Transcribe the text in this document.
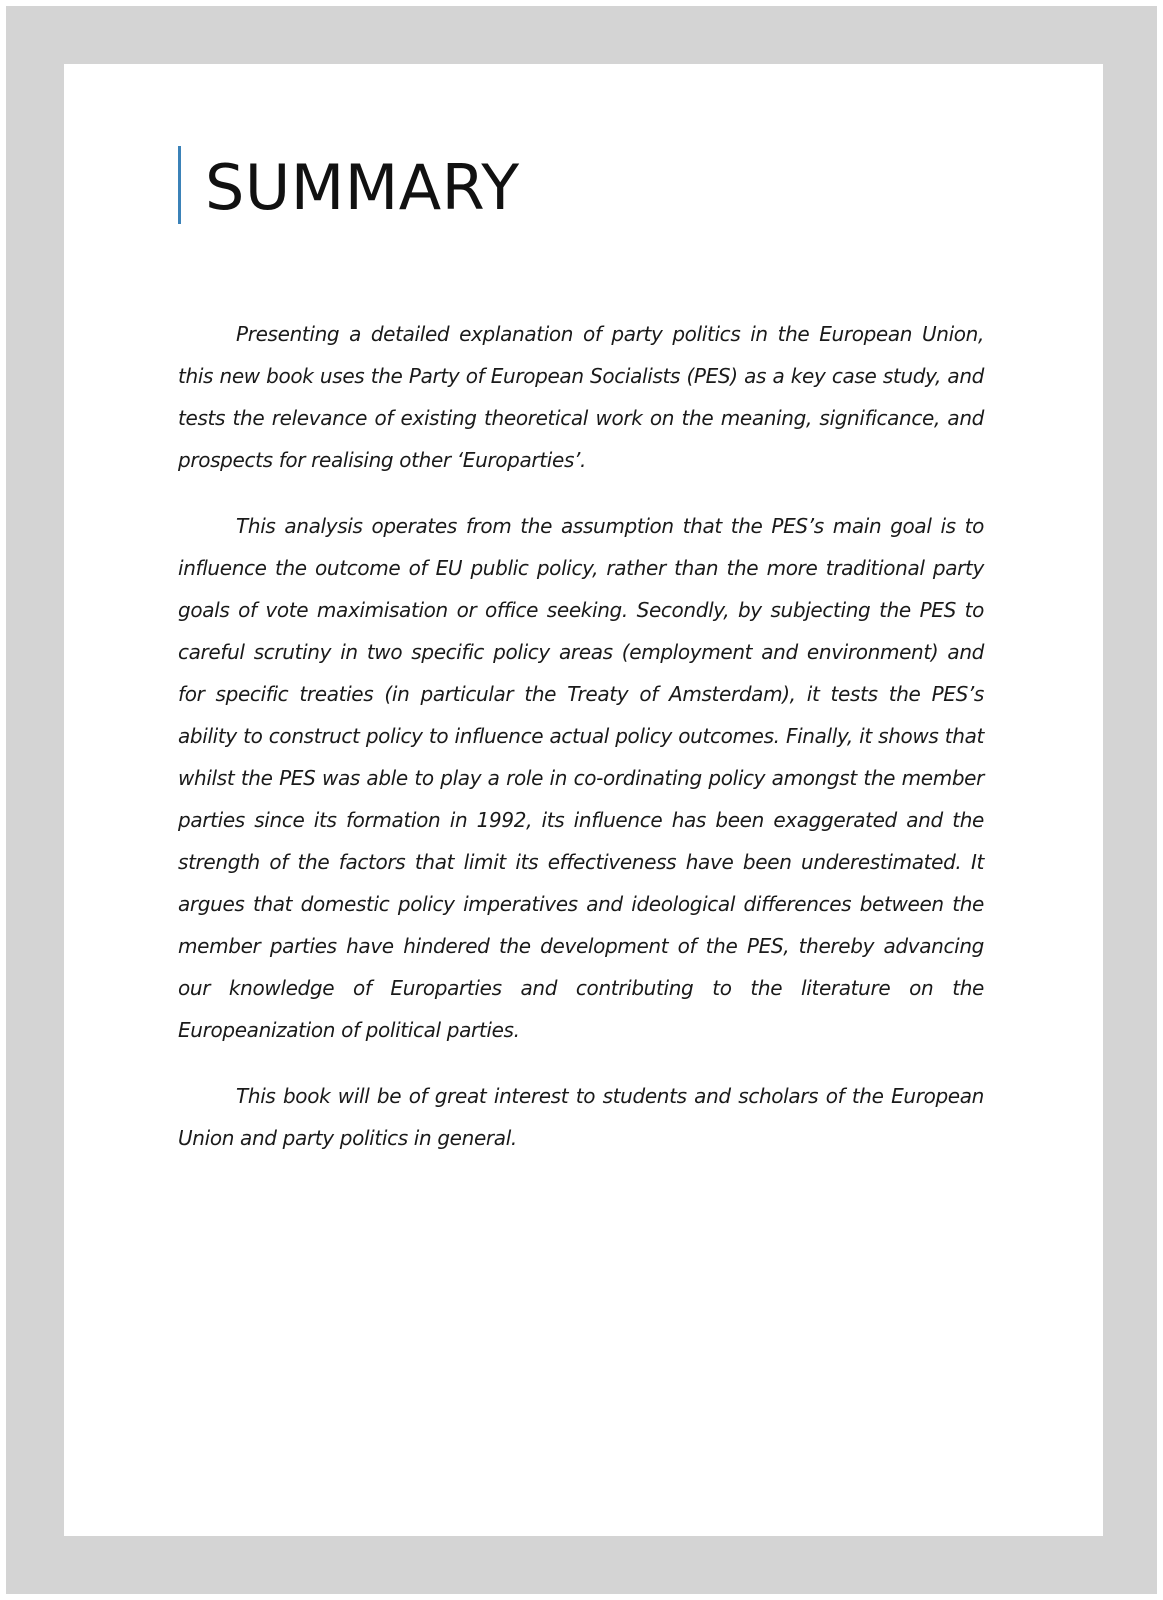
SUMMARY

Presenting a detailed explanation of party politics in the European Union, this new book uses the Party of European Socialists (PES) as a key case study, and tests the relevance of existing theoretical work on the meaning, significance, and prospects for realising other ‘Europarties’.

This analysis operates from the assumption that the PES’s main goal is to influence the outcome of EU public policy, rather than the more traditional party goals of vote maximisation or office seeking. Secondly, by subjecting the PES to careful scrutiny in two specific policy areas (employment and environment) and for specific treaties (in particular the Treaty of Amsterdam), it tests the PES’s ability to construct policy to influence actual policy outcomes. Finally, it shows that whilst the PES was able to play a role in co-ordinating policy amongst the member parties since its formation in 1992, its influence has been exaggerated and the strength of the factors that limit its effectiveness have been underestimated. It argues that domestic policy imperatives and ideological differences between the member parties have hindered the development of the PES, thereby advancing our knowledge of Europarties and contributing to the literature on the Europeanization of political parties.

This book will be of great interest to students and scholars of the European Union and party politics in general.
